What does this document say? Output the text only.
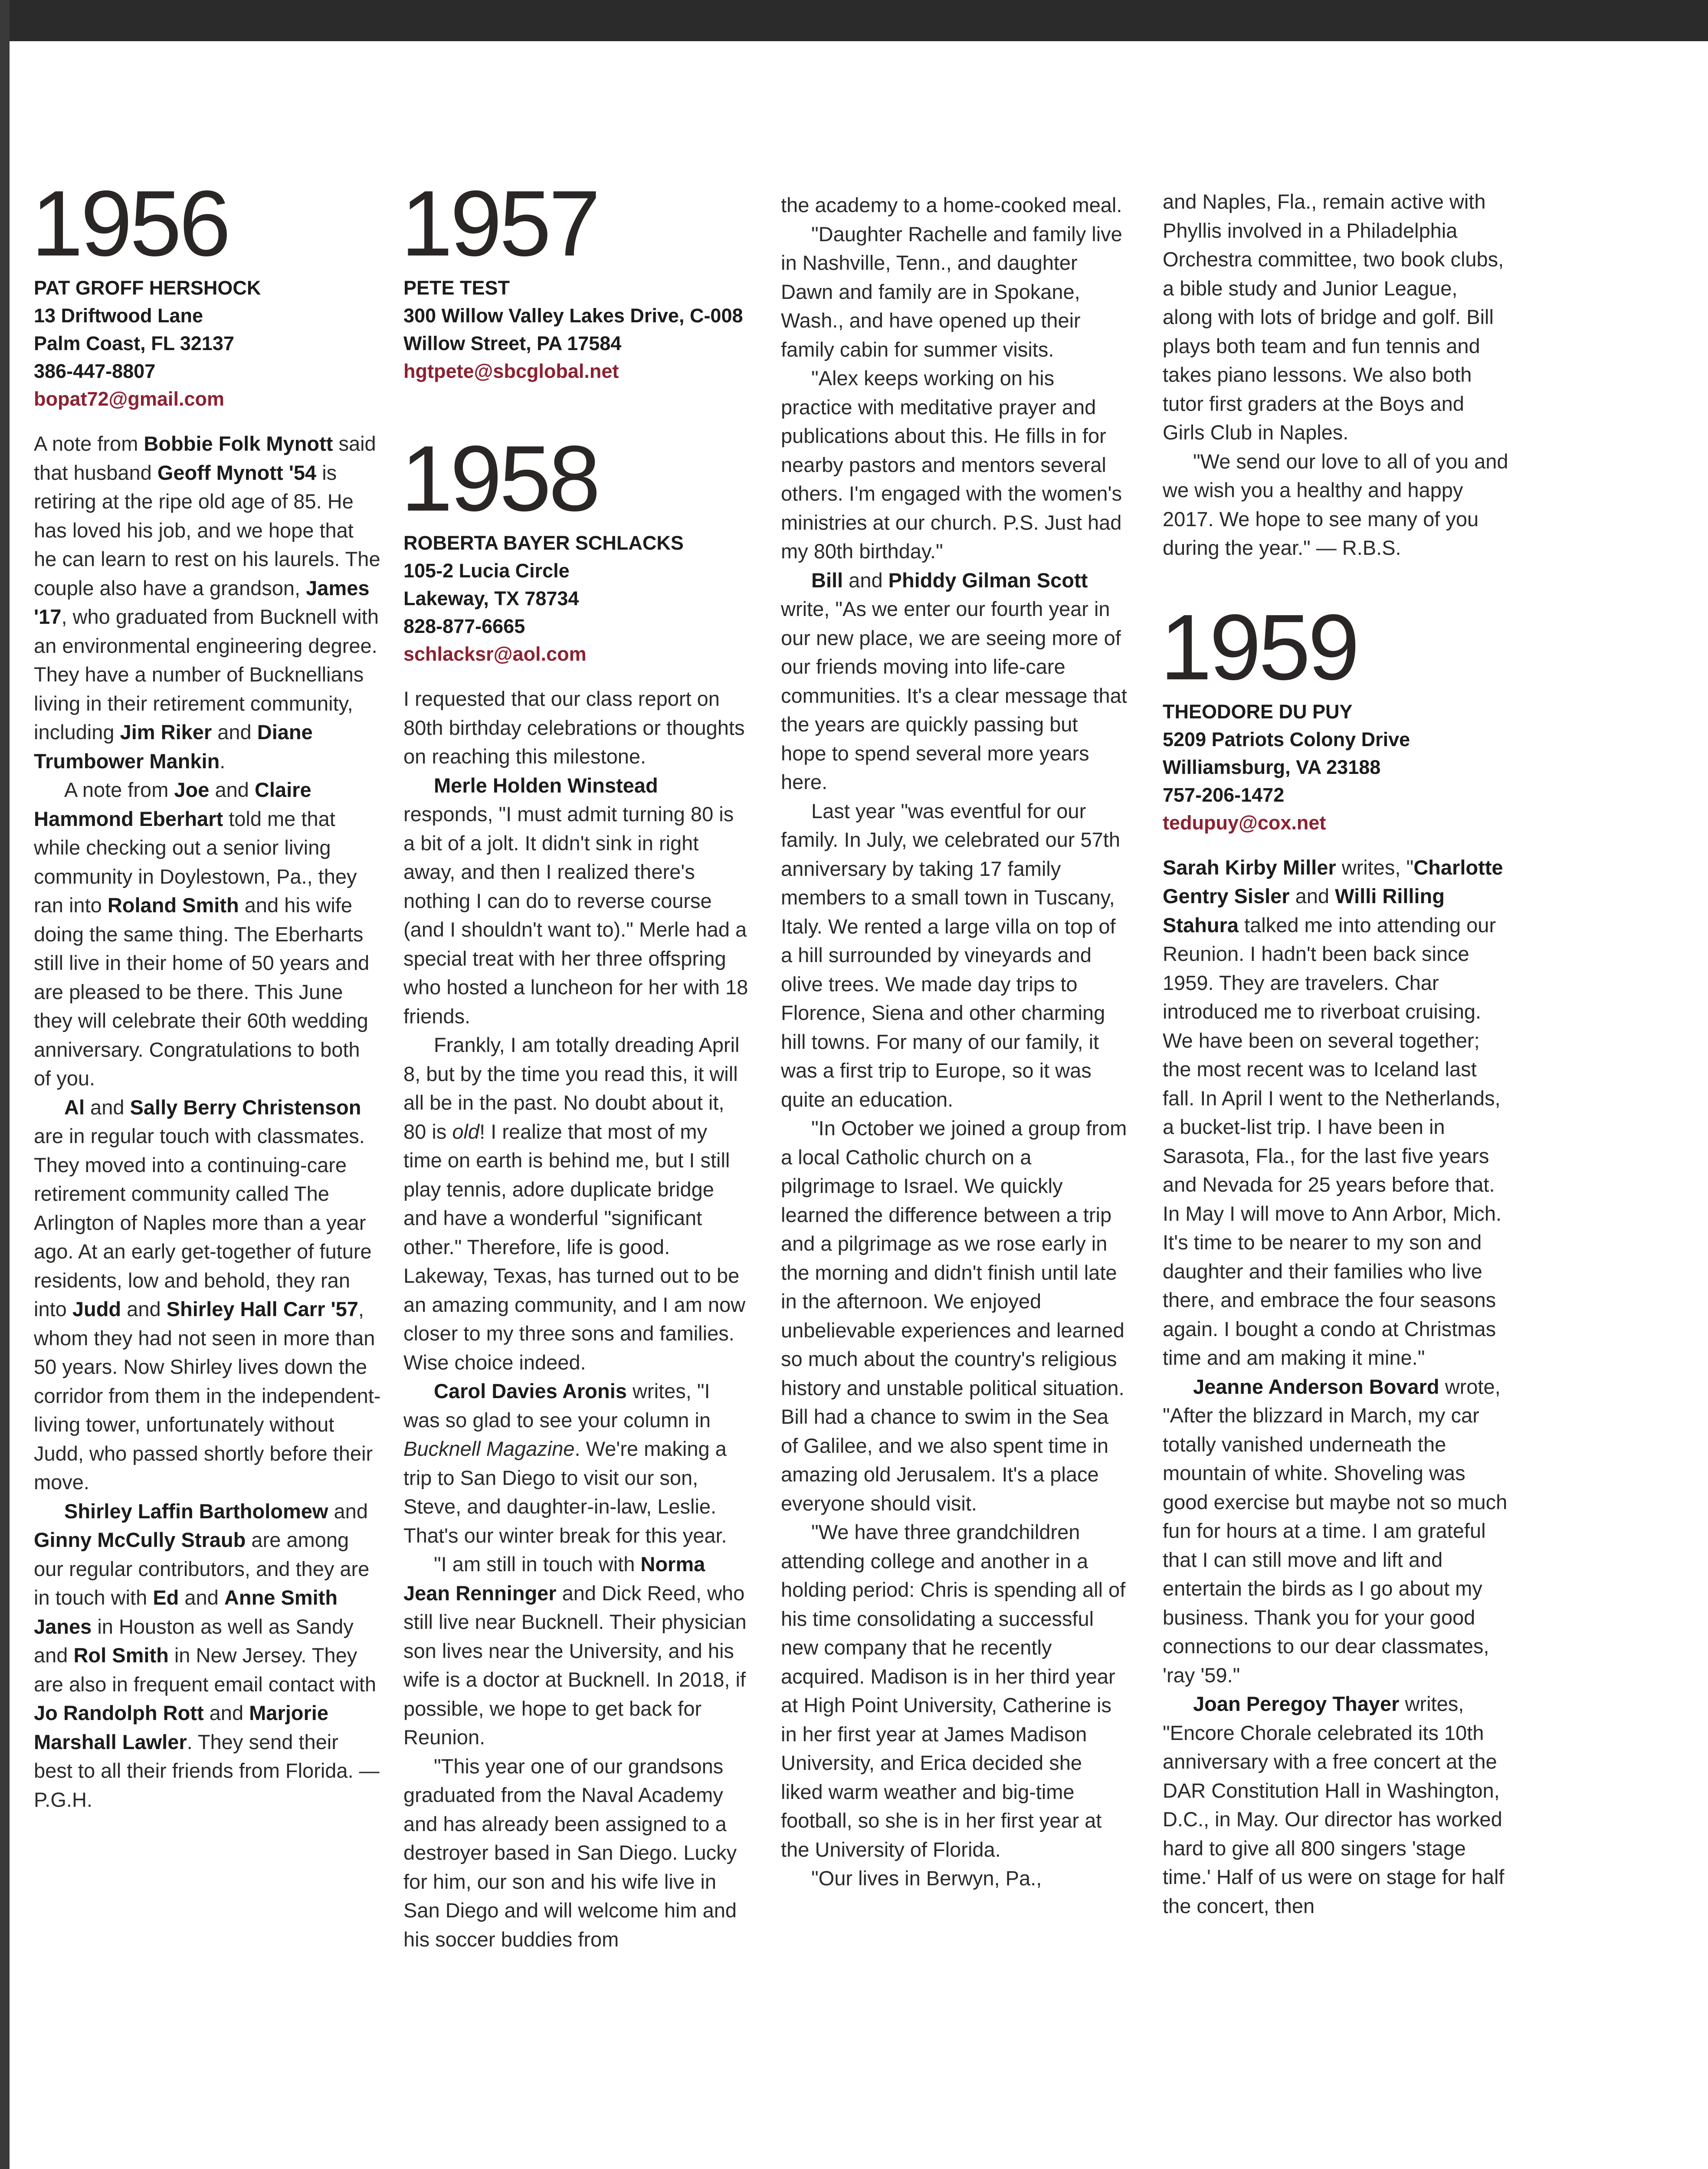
1956
PAT GROFF HERSHOCK
13 Driftwood Lane
Palm Coast, FL 32137
386-447-8807
bopat72@gmail.com

A note from Bobbie Folk Mynott said that husband Geoff Mynott '54 is retiring at the ripe old age of 85. He has loved his job, and we hope that he can learn to rest on his laurels. The couple also have a grandson, James '17, who graduated from Bucknell with an environmental engineering degree. They have a number of Bucknellians living in their retirement community, including Jim Riker and Diane Trumbower Mankin.

A note from Joe and Claire Hammond Eberhart told me that while checking out a senior living community in Doylestown, Pa., they ran into Roland Smith and his wife doing the same thing. The Eberharts still live in their home of 50 years and are pleased to be there. This June they will celebrate their 60th wedding anniversary. Congratulations to both of you.

Al and Sally Berry Christenson are in regular touch with classmates. They moved into a continuing-care retirement community called The Arlington of Naples more than a year ago. At an early get-together of future residents, low and behold, they ran into Judd and Shirley Hall Carr '57, whom they had not seen in more than 50 years. Now Shirley lives down the corridor from them in the independent-living tower, unfortunately without Judd, who passed shortly before their move.

Shirley Laffin Bartholomew and Ginny McCully Straub are among our regular contributors, and they are in touch with Ed and Anne Smith Janes in Houston as well as Sandy and Rol Smith in New Jersey. They are also in frequent email contact with Jo Randolph Rott and Marjorie Marshall Lawler. They send their best to all their friends from Florida. — P.G.H.

1957
PETE TEST
300 Willow Valley Lakes Drive, C-008
Willow Street, PA 17584
hgtpete@sbcglobal.net
1958
ROBERTA BAYER SCHLACKS
105-2 Lucia Circle
Lakeway, TX 78734
828-877-6665
schlacksr@aol.com

I requested that our class report on 80th birthday celebrations or thoughts on reaching this milestone.

Merle Holden Winstead responds, "I must admit turning 80 is a bit of a jolt. It didn't sink in right away, and then I realized there's nothing I can do to reverse course (and I shouldn't want to)." Merle had a special treat with her three offspring who hosted a luncheon for her with 18 friends.

Frankly, I am totally dreading April 8, but by the time you read this, it will all be in the past. No doubt about it, 80 is old! I realize that most of my time on earth is behind me, but I still play tennis, adore duplicate bridge and have a wonderful "significant other." Therefore, life is good. Lakeway, Texas, has turned out to be an amazing community, and I am now closer to my three sons and families. Wise choice indeed.

Carol Davies Aronis writes, "I was so glad to see your column in Bucknell Magazine. We're making a trip to San Diego to visit our son, Steve, and daughter-in-law, Leslie. That's our winter break for this year.

"I am still in touch with Norma Jean Renninger and Dick Reed, who still live near Bucknell. Their physician son lives near the University, and his wife is a doctor at Bucknell. In 2018, if possible, we hope to get back for Reunion.

"This year one of our grandsons graduated from the Naval Academy and has already been assigned to a destroyer based in San Diego. Lucky for him, our son and his wife live in San Diego and will welcome him and his soccer buddies from

the academy to a home-cooked meal.

"Daughter Rachelle and family live in Nashville, Tenn., and daughter Dawn and family are in Spokane, Wash., and have opened up their family cabin for summer visits.

"Alex keeps working on his practice with meditative prayer and publications about this. He fills in for nearby pastors and mentors several others. I'm engaged with the women's ministries at our church. P.S. Just had my 80th birthday."

Bill and Phiddy Gilman Scott write, "As we enter our fourth year in our new place, we are seeing more of our friends moving into life-care communities. It's a clear message that the years are quickly passing but hope to spend several more years here.

Last year "was eventful for our family. In July, we celebrated our 57th anniversary by taking 17 family members to a small town in Tuscany, Italy. We rented a large villa on top of a hill surrounded by vineyards and olive trees. We made day trips to Florence, Siena and other charming hill towns. For many of our family, it was a first trip to Europe, so it was quite an education.

"In October we joined a group from a local Catholic church on a pilgrimage to Israel. We quickly learned the difference between a trip and a pilgrimage as we rose early in the morning and didn't finish until late in the afternoon. We enjoyed unbelievable experiences and learned so much about the country's religious history and unstable political situation. Bill had a chance to swim in the Sea of Galilee, and we also spent time in amazing old Jerusalem. It's a place everyone should visit.

"We have three grandchildren attending college and another in a holding period: Chris is spending all of his time consolidating a successful new company that he recently acquired. Madison is in her third year at High Point University, Catherine is in her first year at James Madison University, and Erica decided she liked warm weather and big-time football, so she is in her first year at the University of Florida.

"Our lives in Berwyn, Pa.,

and Naples, Fla., remain active with Phyllis involved in a Philadelphia Orchestra committee, two book clubs, a bible study and Junior League, along with lots of bridge and golf. Bill plays both team and fun tennis and takes piano lessons. We also both tutor first graders at the Boys and Girls Club in Naples.

"We send our love to all of you and we wish you a healthy and happy 2017. We hope to see many of you during the year." — R.B.S.

1959
THEODORE DU PUY
5209 Patriots Colony Drive
Williamsburg, VA 23188
757-206-1472
tedupuy@cox.net

Sarah Kirby Miller writes, "Charlotte Gentry Sisler and Willi Rilling Stahura talked me into attending our Reunion. I hadn't been back since 1959. They are travelers. Char introduced me to riverboat cruising. We have been on several together; the most recent was to Iceland last fall. In April I went to the Netherlands, a bucket-list trip. I have been in Sarasota, Fla., for the last five years and Nevada for 25 years before that. In May I will move to Ann Arbor, Mich. It's time to be nearer to my son and daughter and their families who live there, and embrace the four seasons again. I bought a condo at Christmas time and am making it mine."

Jeanne Anderson Bovard wrote, "After the blizzard in March, my car totally vanished underneath the mountain of white. Shoveling was good exercise but maybe not so much fun for hours at a time. I am grateful that I can still move and lift and entertain the birds as I go about my business. Thank you for your good connections to our dear classmates, 'ray '59."

Joan Peregoy Thayer writes, "Encore Chorale celebrated its 10th anniversary with a free concert at the DAR Constitution Hall in Washington, D.C., in May. Our director has worked hard to give all 800 singers 'stage time.' Half of us were on stage for half the concert, then
